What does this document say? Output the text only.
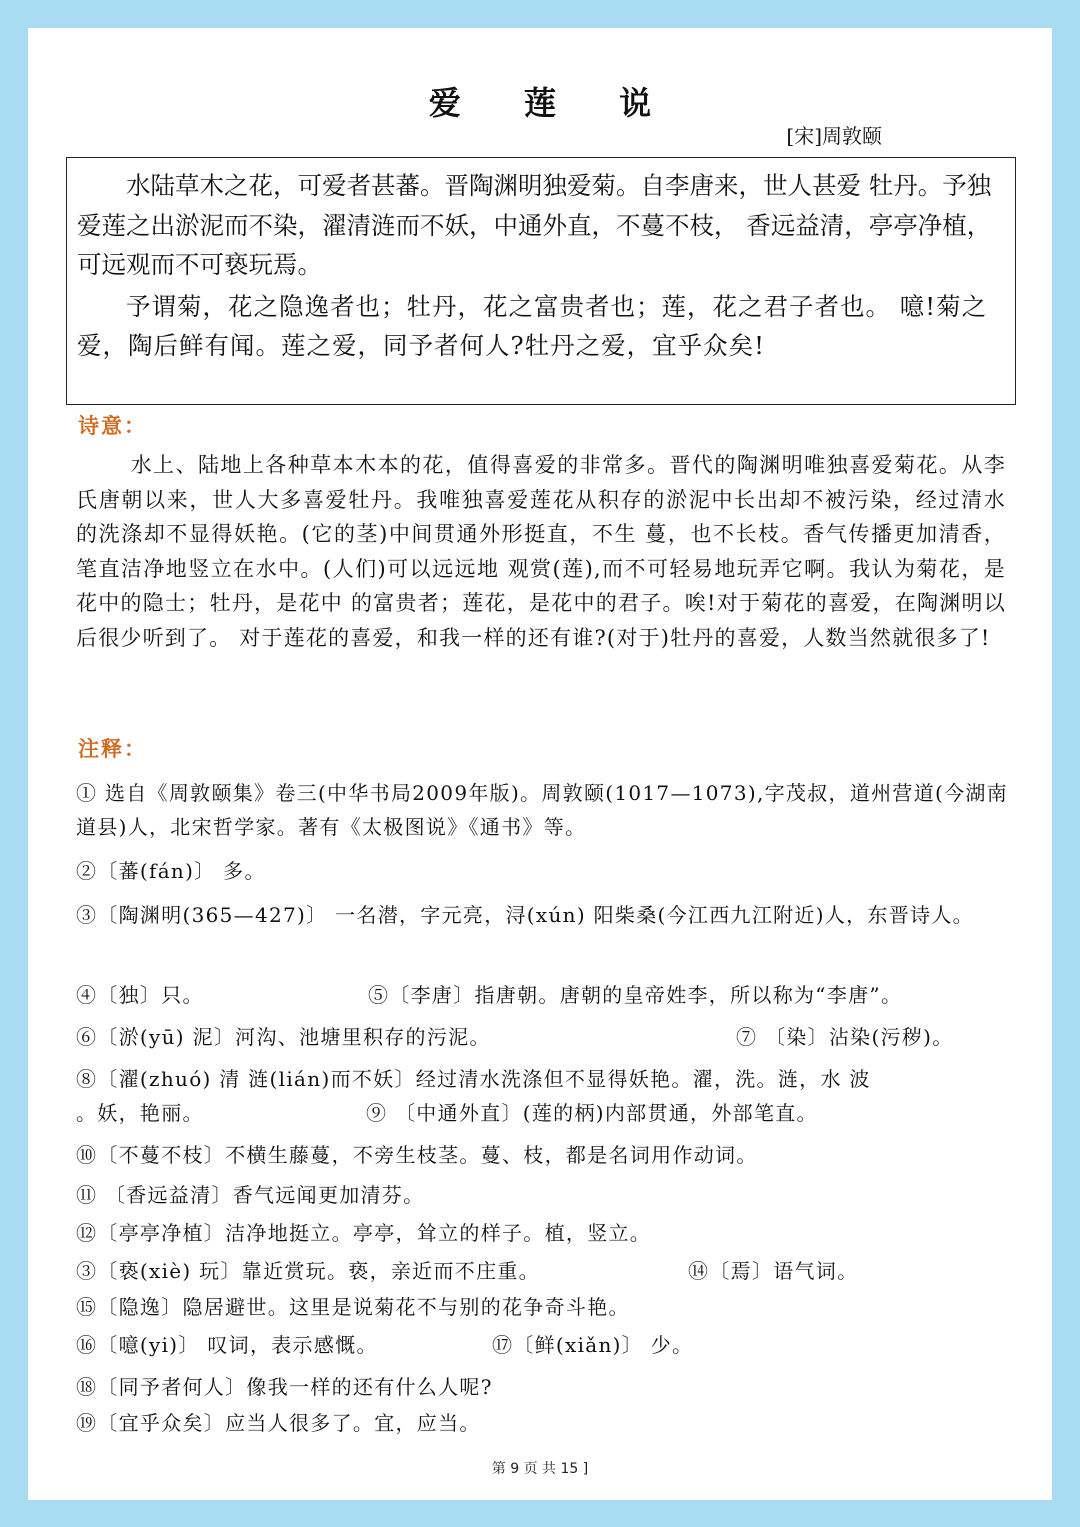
爱 莲 说
[宋]周敦颐

水陆草木之花，可爱者甚蕃。晋陶渊明独爱菊。自李唐来，世人甚爱 牡丹。予独爱莲之出淤泥而不染，濯清涟而不妖，中通外直，不蔓不枝， 香远益清，亭亭净植，可远观而不可亵玩焉。

予谓菊，花之隐逸者也；牡丹，花之富贵者也；莲，花之君子者也。 噫!菊之爱，陶后鲜有闻。莲之爱，同予者何人?牡丹之爱，宜乎众矣!

诗意：

水上、陆地上各种草本木本的花，值得喜爱的非常多。晋代的陶渊明唯独喜爱菊花。从李氏唐朝以来，世人大多喜爱牡丹。我唯独喜爱莲花从积存的淤泥中长出却不被污染，经过清水的洗涤却不显得妖艳。(它的茎)中间贯通外形挺直，不生 蔓，也不长枝。香气传播更加清香，笔直洁净地竖立在水中。(人们)可以远远地 观赏(莲),而不可轻易地玩弄它啊。我认为菊花，是花中的隐士；牡丹，是花中 的富贵者；莲花，是花中的君子。唉!对于菊花的喜爱，在陶渊明以后很少听到了。 对于莲花的喜爱，和我一样的还有谁?(对于)牡丹的喜爱，人数当然就很多了!

注释：
① 选自《周敦颐集》卷三(中华书局2009年版)。周敦颐(1017—1073),字茂叔，道州营道(今湖南道县)人，北宋哲学家。著有《太极图说》《通书》等。
②〔蕃(fán)〕 多。
③〔陶渊明(365—427)〕 一名潜，字元亮，浔(xún) 阳柴桑(今江西九江附近)人，东晋诗人。
④〔独〕只。	⑤〔李唐〕指唐朝。唐朝的皇帝姓李，所以称为“李唐”。
⑥〔淤(yū) 泥〕河沟、池塘里积存的污泥。	⑦ 〔染〕沾染(污秽)。
⑧〔濯(zhuó) 清 涟(lián)而不妖〕经过清水洗涤但不显得妖艳。濯，洗。涟，水 波
。妖，艳丽。	⑨ 〔中通外直〕(莲的柄)内部贯通，外部笔直。
⑩〔不蔓不枝〕不横生藤蔓，不旁生枝茎。蔓、枝，都是名词用作动词。
⑪ 〔香远益清〕香气远闻更加清芬。
⑫〔亭亭净植〕洁净地挺立。亭亭，耸立的样子。植，竖立。
③〔亵(xiè) 玩〕靠近赏玩。亵，亲近而不庄重。	⑭〔焉〕语气词。
⑮〔隐逸〕隐居避世。这里是说菊花不与别的花争奇斗艳。
⑯〔噫(yi)〕 叹词，表示感慨。	⑰〔鲜(xiǎn)〕 少。
⑱〔同予者何人〕像我一样的还有什么人呢?
⑲〔宜乎众矣〕应当人很多了。宜，应当。
第 9 页 共 15 ]
